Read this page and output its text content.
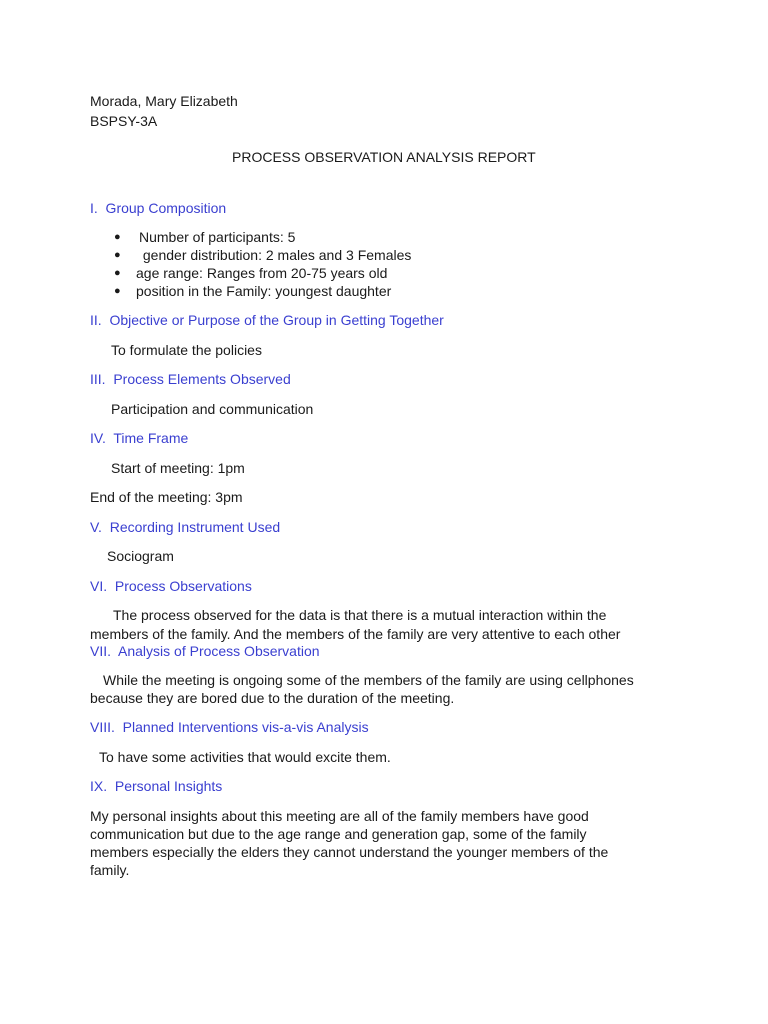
Morada, Mary Elizabeth
BSPSY-3A
PROCESS OBSERVATION ANALYSIS REPORT
I.  Group Composition
● Number of participants: 5
● gender distribution: 2 males and 3 Females
● age range: Ranges from 20-75 years old
● position in the Family: youngest daughter
II.  Objective or Purpose of the Group in Getting Together
To formulate the policies
III.  Process Elements Observed
Participation and communication
IV.  Time Frame
Start of meeting: 1pm
End of the meeting: 3pm
V.  Recording Instrument Used
Sociogram
VI.  Process Observations
The process observed for the data is that there is a mutual interaction within the
members of the family. And the members of the family are very attentive to each other
VII.  Analysis of Process Observation
While the meeting is ongoing some of the members of the family are using cellphones
because they are bored due to the duration of the meeting.
VIII.  Planned Interventions vis-a-vis Analysis
To have some activities that would excite them.
IX.  Personal Insights
My personal insights about this meeting are all of the family members have good
communication but due to the age range and generation gap, some of the family
members especially the elders they cannot understand the younger members of the
family.
